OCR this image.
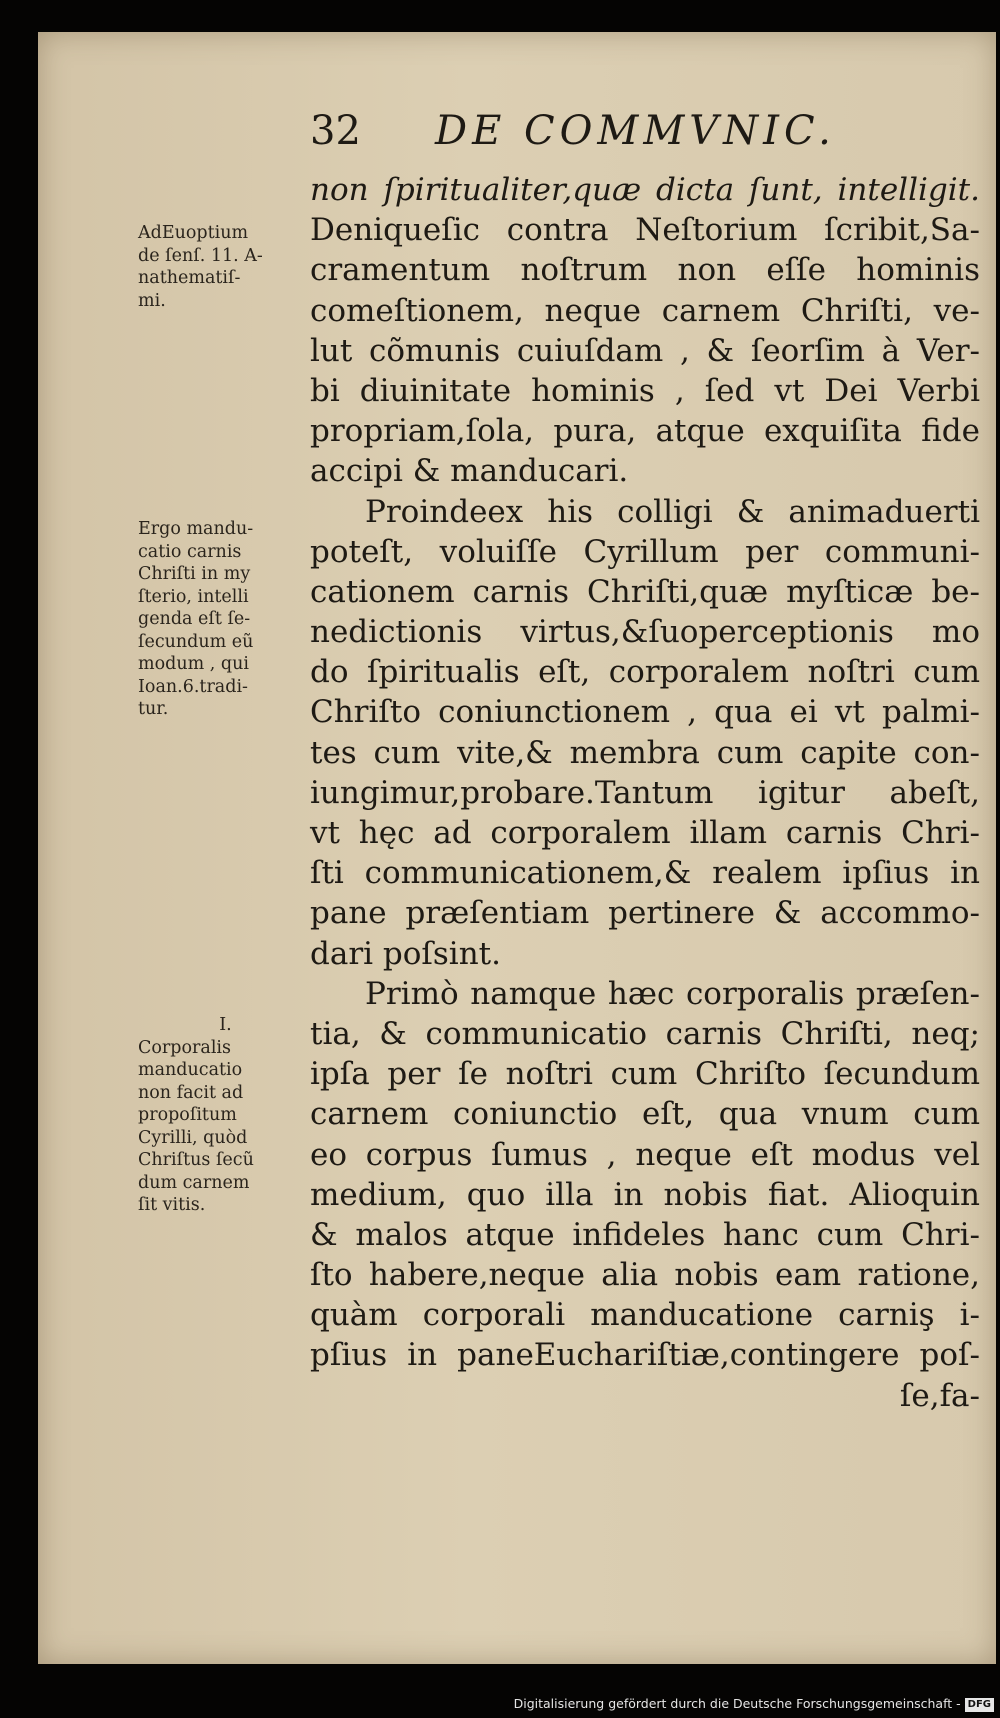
32 DE COMMVNIC.
non ſpiritualiter,quæ dicta ſunt, intelligit.
Deniqueſic contra Neſtorium ſcribit,Sa-
cramentum noſtrum non eſſe hominis
comeſtionem, neque carnem Chriſti, ve-
lut cõmunis cuiuſdam , & ſeorſim à Ver-
bi diuinitate hominis , ſed vt Dei Verbi
propriam,ſola, pura, atque exquiſita fide
accipi & manducari.
Proindeex his colligi & animaduerti
poteſt, voluiſſe Cyrillum per communi-
cationem carnis Chriſti,quæ myſticæ be-
nedictionis virtus,&ſuoperceptionis mo
do ſpiritualis eſt, corporalem noſtri cum
Chriſto coniunctionem , qua ei vt palmi-
tes cum vite,& membra cum capite con-
iungimur,probare.Tantum igitur abeſt,
vt hęc ad corporalem illam carnis Chri-
ſti communicationem,& realem ipſius in
pane præſentiam pertinere & accommo-
dari poſsint.
Primò namque hæc corporalis præſen-
tia, & communicatio carnis Chriſti, neq;
ipſa per ſe noſtri cum Chriſto ſecundum
carnem coniunctio eſt, qua vnum cum
eo corpus ſumus , neque eſt modus vel
medium, quo illa in nobis fiat. Alioquin
& malos atque infideles hanc cum Chri-
ſto habere,neque alia nobis eam ratione,
quàm corporali manducatione carniş i-
pſius in paneEuchariſtiæ,contingere poſ-
ſe,fa-
AdEuoptium
de ſenſ. 11. A-
nathematiſ-
mi.
Ergo mandu-
catio carnis
Chriſti in my
ſterio, intelli
genda eſt ſe-
ſecundum eũ
modum , qui
Ioan.6.tradi-
tur.
I.
Corporalis
manducatio
non facit ad
propoſitum
Cyrilli, quòd
Chriſtus ſecũ
dum carnem
ſit vitis.
Digitalisierung gefördert durch die Deutsche Forschungsgemeinschaft - DFG
